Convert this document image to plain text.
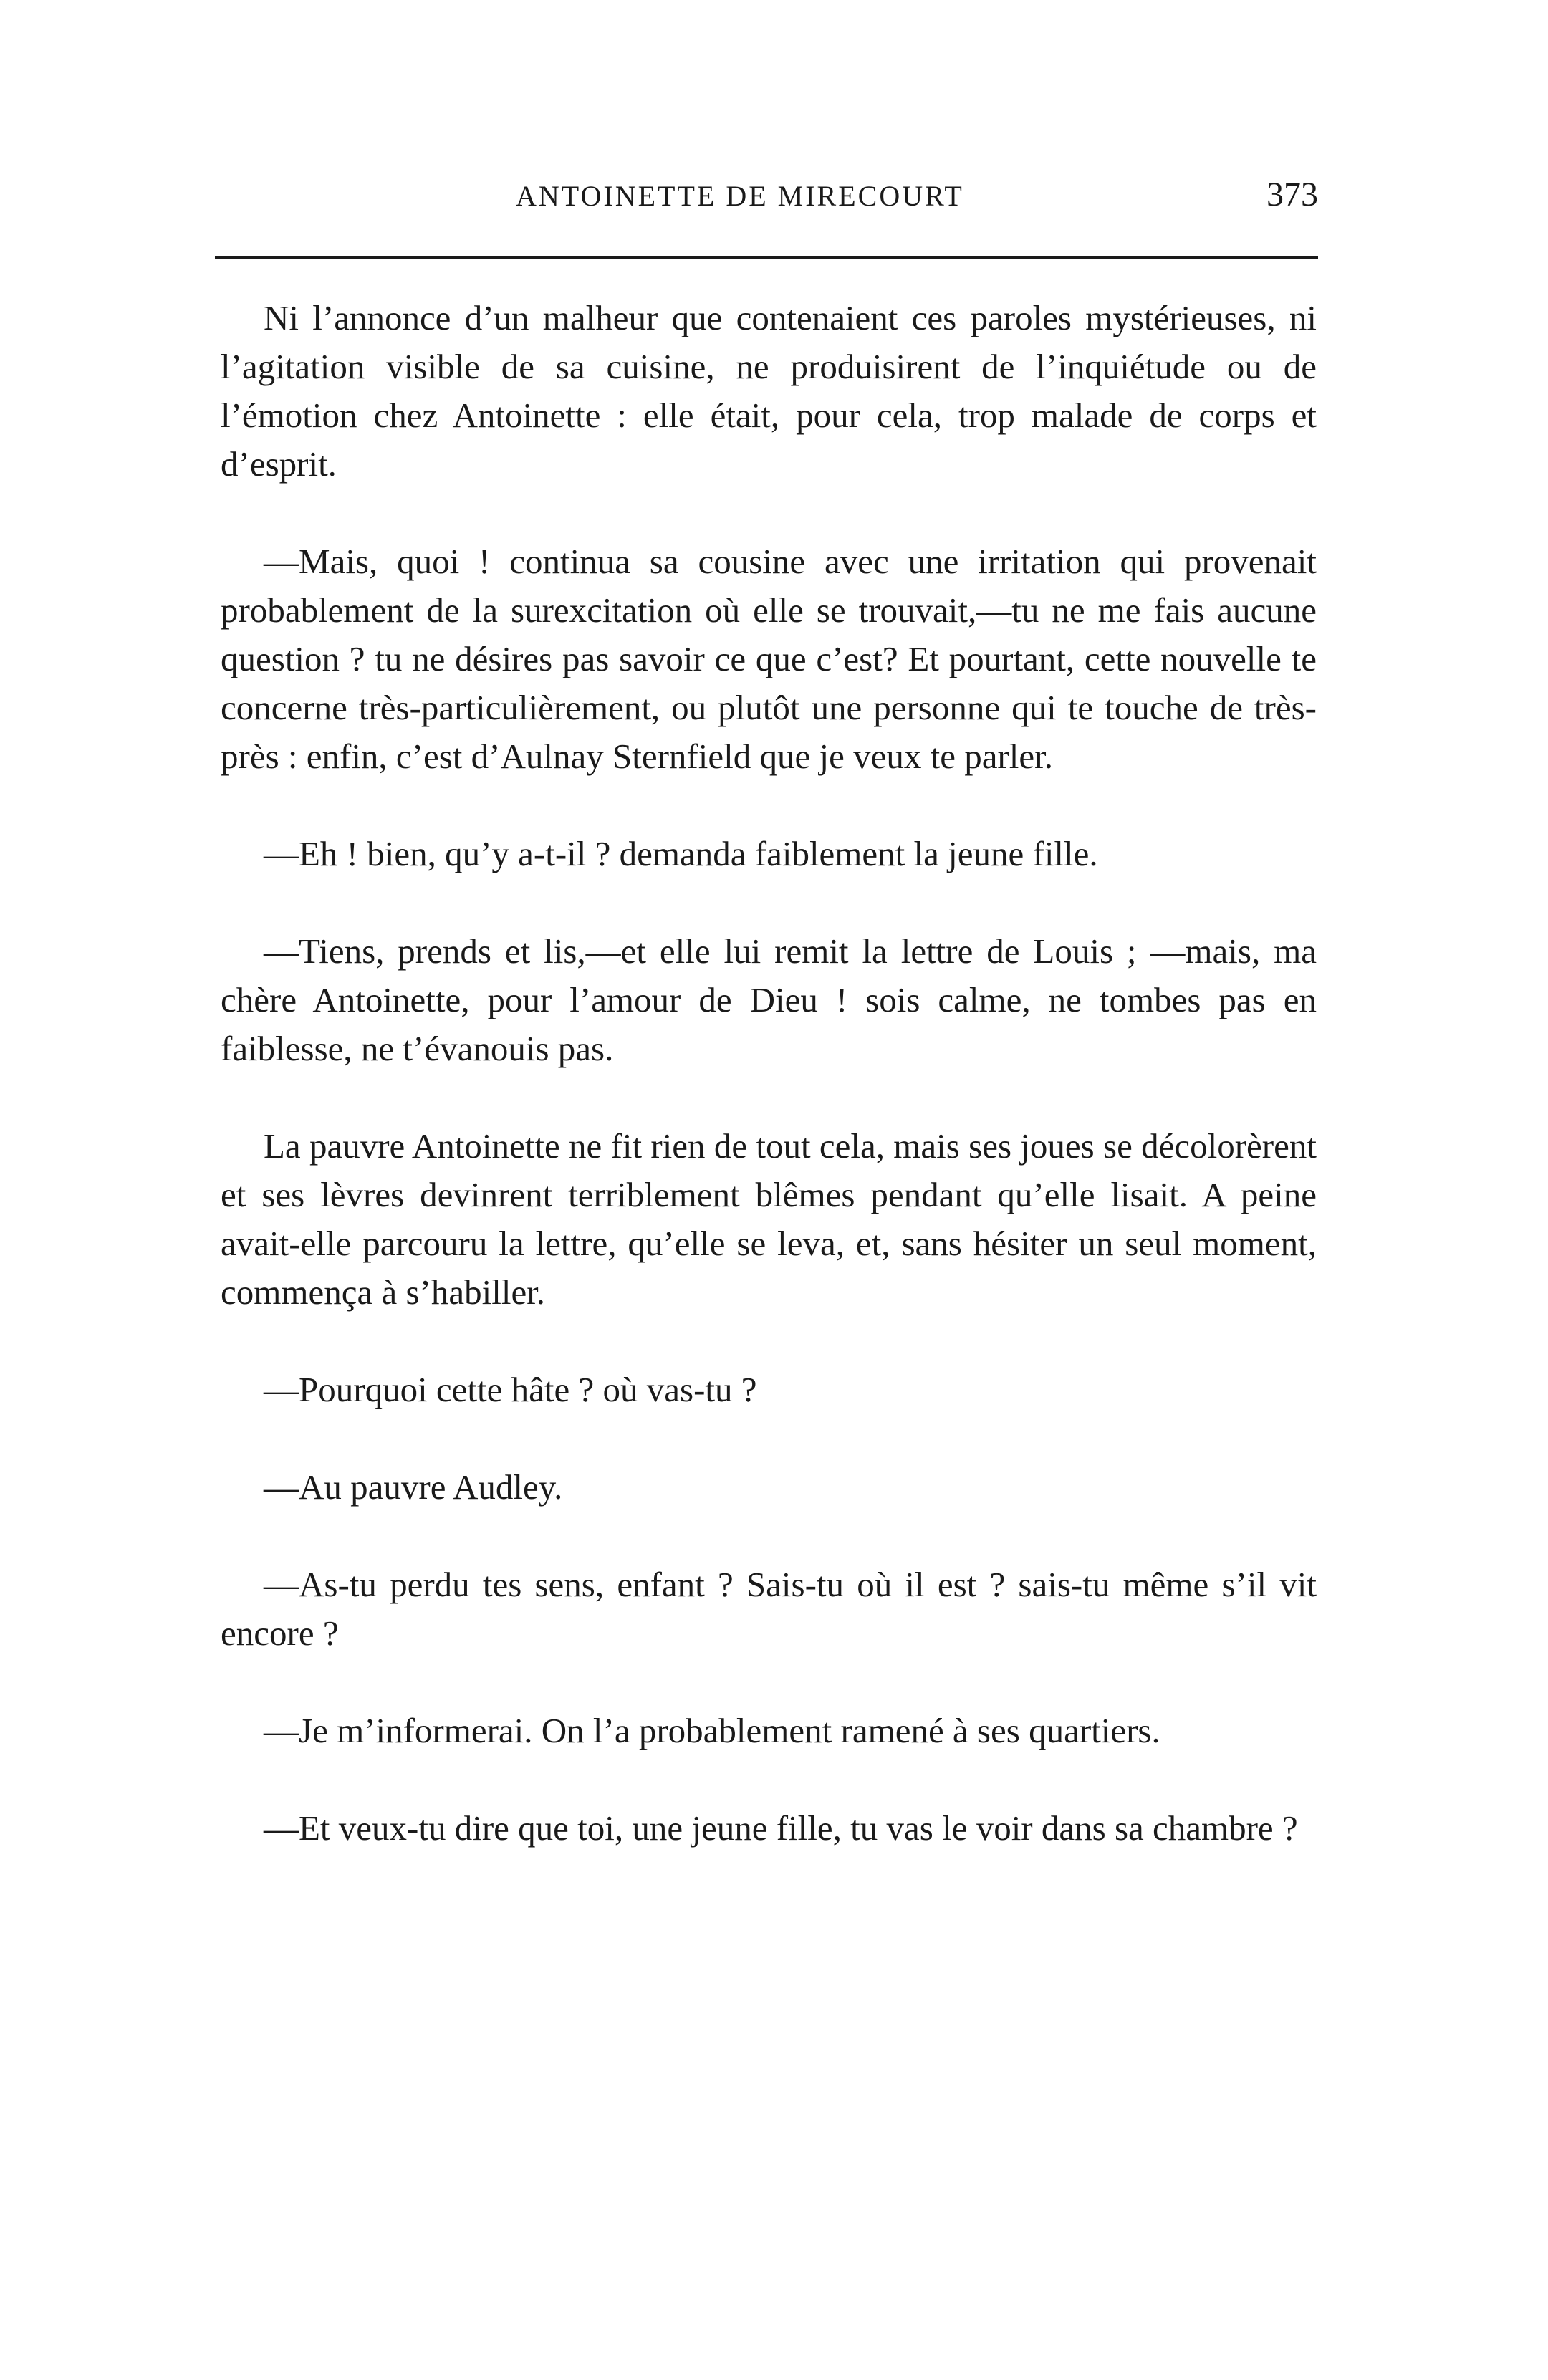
ANTOINETTE DE MIRECOURT	373

Ni l’annonce d’un malheur que contenaient ces paroles mystérieuses, ni l’agitation visible de sa cuisine, ne produisirent de l’inquiétude ou de l’émotion chez Antoinette : elle était, pour cela, trop malade de corps et d’esprit.

—Mais, quoi ! continua sa cousine avec une irritation qui provenait probablement de la surexcitation où elle se trouvait,—tu ne me fais aucune question ? tu ne désires pas savoir ce que c’est? Et pourtant, cette nouvelle te concerne très-particulièrement, ou plutôt une personne qui te touche de très-près : enfin, c’est d’Aulnay Sternfield que je veux te parler.

—Eh ! bien, qu’y a-t-il ? demanda faiblement la jeune fille.

—Tiens, prends et lis,—et elle lui remit la lettre de Louis ; —mais, ma chère Antoinette, pour l’amour de Dieu ! sois calme, ne tombes pas en faiblesse, ne t’évanouis pas.

La pauvre Antoinette ne fit rien de tout cela, mais ses joues se décolorèrent et ses lèvres devinrent terriblement blêmes pendant qu’elle lisait. A peine avait-elle parcouru la lettre, qu’elle se leva, et, sans hésiter un seul moment, commença à s’habiller.

—Pourquoi cette hâte ? où vas-tu ?

—Au pauvre Audley.

—As-tu perdu tes sens, enfant ? Sais-tu où il est ? sais-tu même s’il vit encore ?

—Je m’informerai. On l’a probablement ramené à ses quartiers.

—Et veux-tu dire que toi, une jeune fille, tu vas le voir dans sa chambre ?
